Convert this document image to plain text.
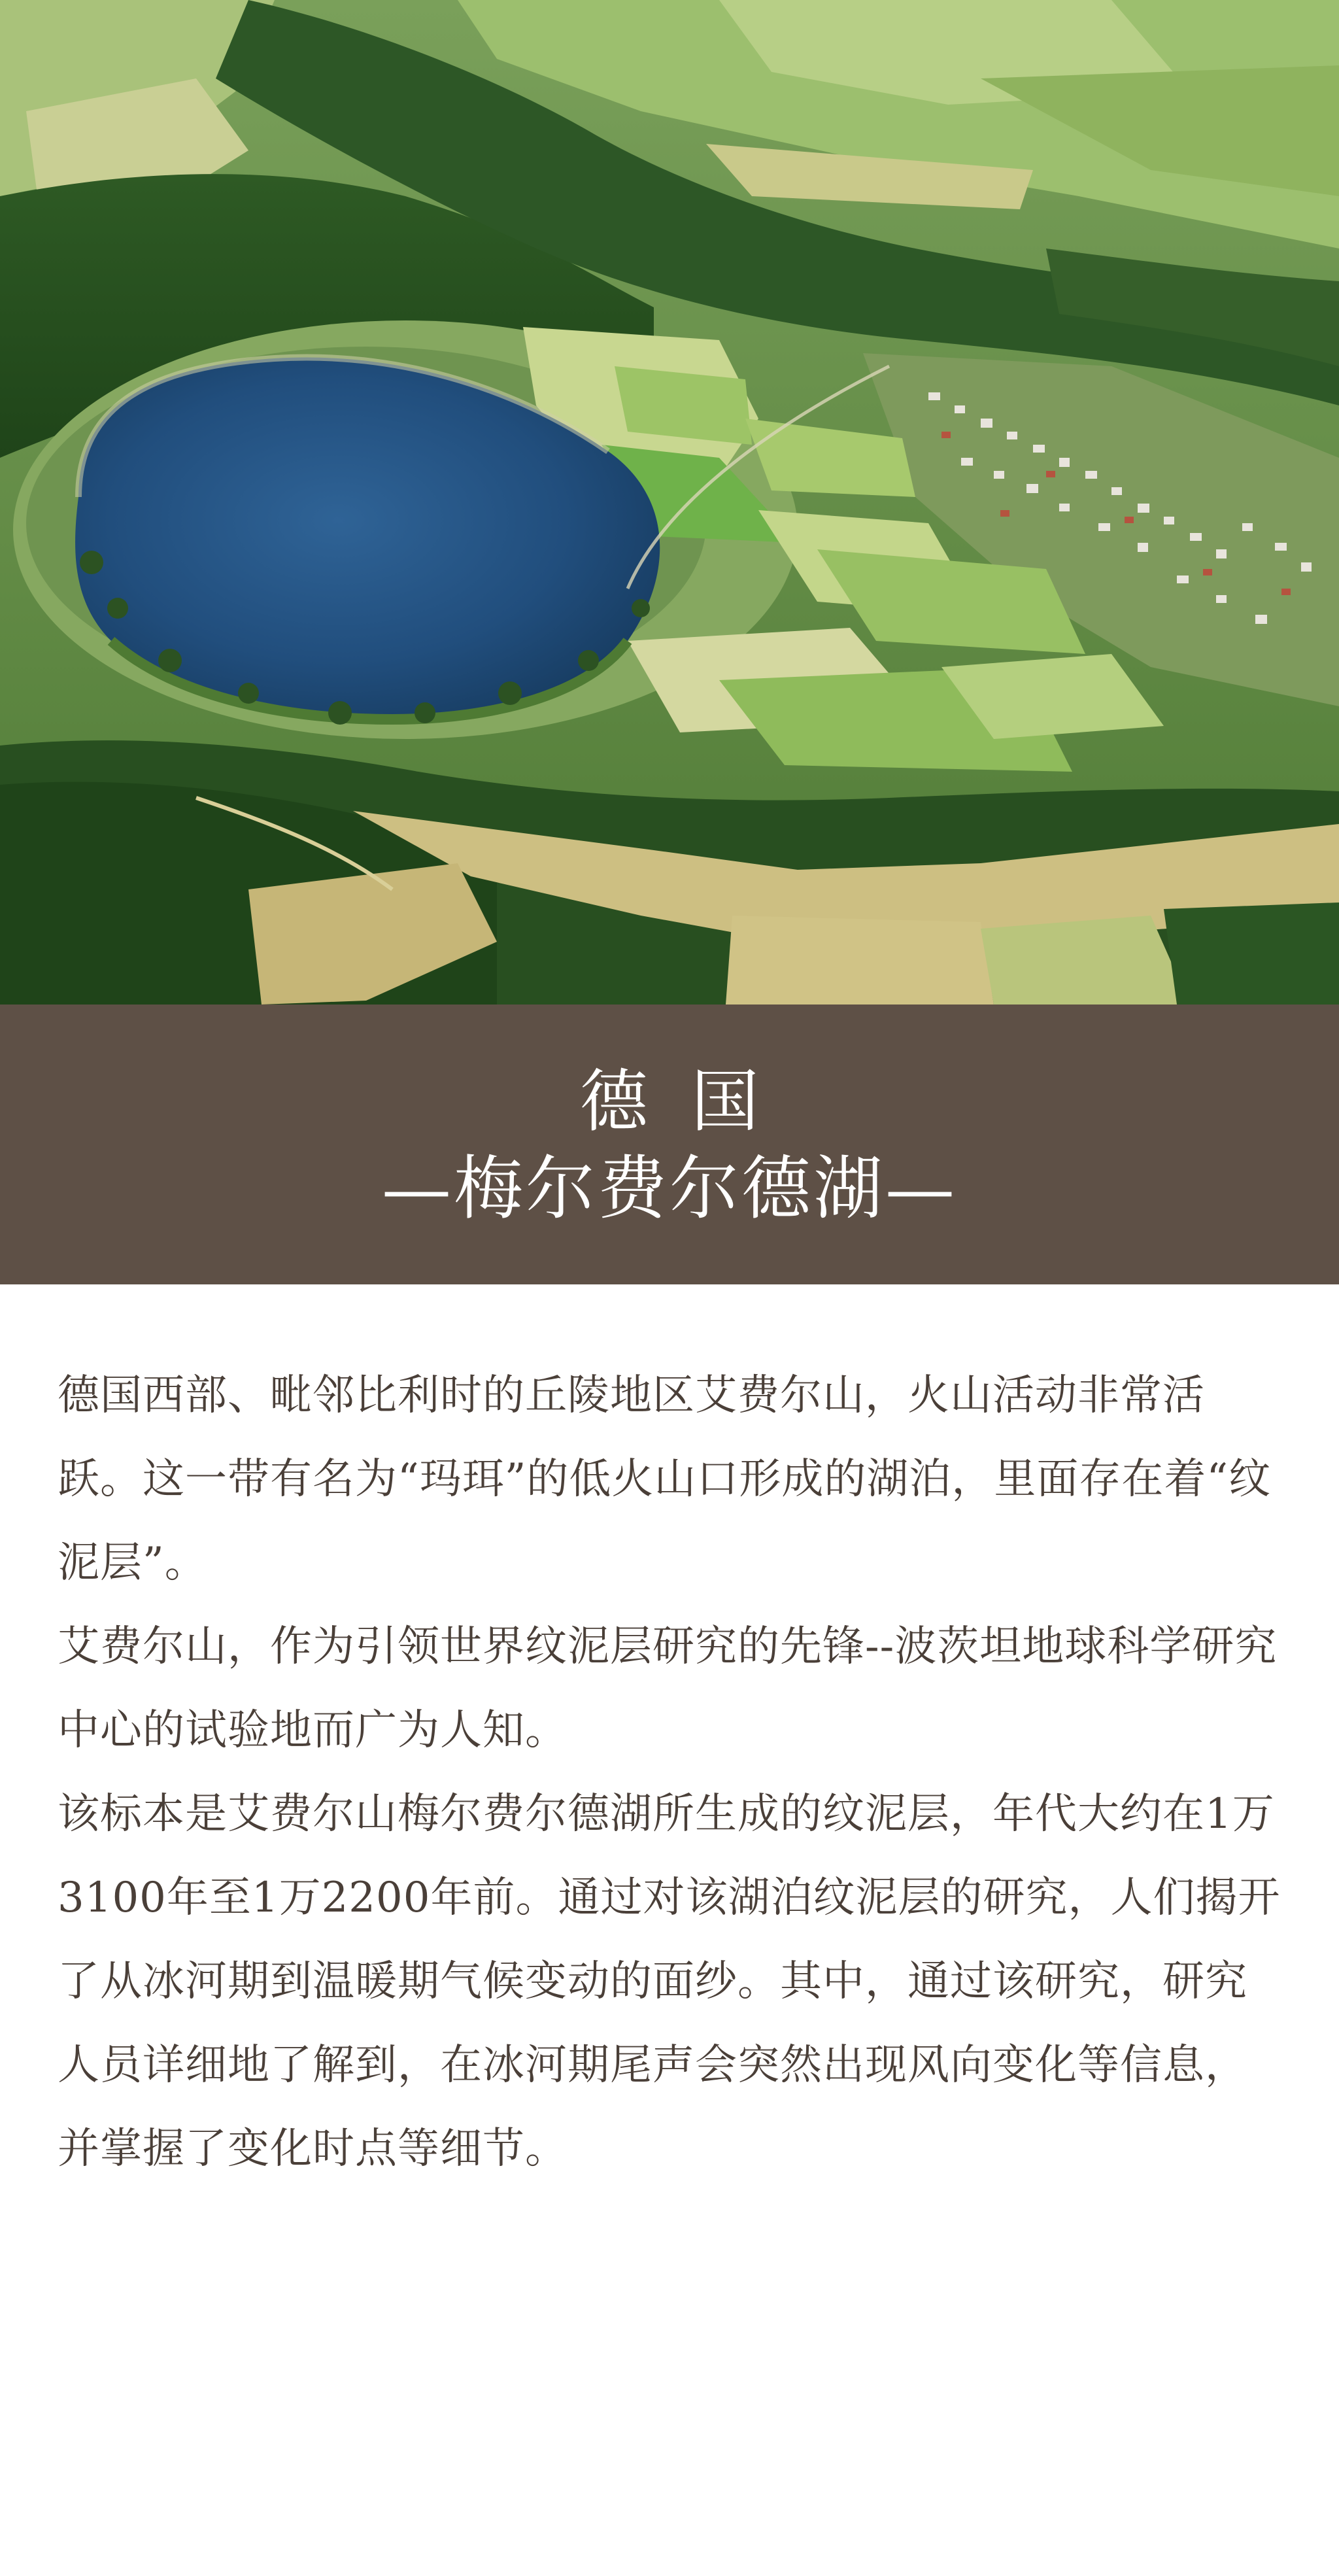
德国
—梅尔费尔德湖—

德国西部、毗邻比利时的丘陵地区艾费尔山，火山活动非常活跃。这一带有名为“玛珥”的低火山口形成的湖泊，里面存在着“纹泥层”。

艾费尔山，作为引领世界纹泥层研究的先锋--波茨坦地球科学研究中心的试验地而广为人知。

该标本是艾费尔山梅尔费尔德湖所生成的纹泥层，年代大约在1万3100年至1万2200年前。通过对该湖泊纹泥层的研究，人们揭开了从冰河期到温暖期气候变动的面纱。其中，通过该研究，研究人员详细地了解到，在冰河期尾声会突然出现风向变化等信息，并掌握了变化时点等细节。
